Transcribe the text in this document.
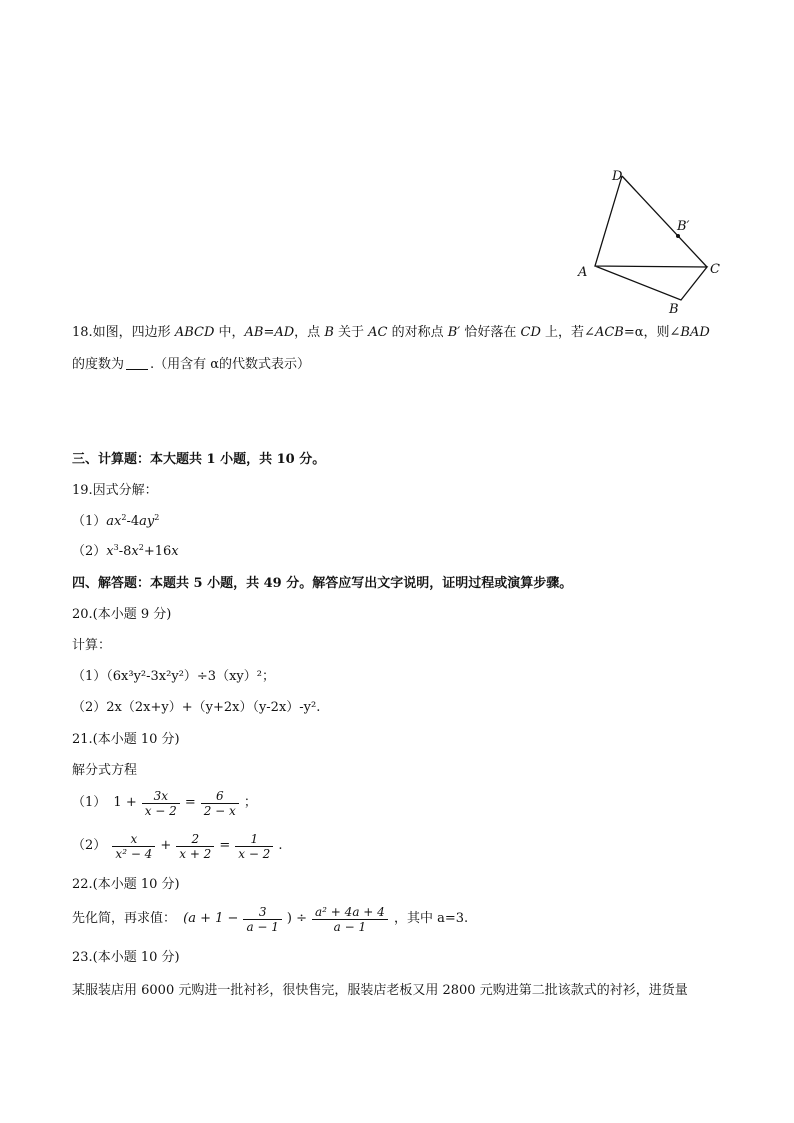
D
B′
A	C
B
18.如图，四边形 ABCD 中，AB=AD，点 B 关于 AC 的对称点 B′ 恰好落在 CD 上，若∠ACB=α，则∠BAD
的度数为 .（用含有 α的代数式表示）
三、计算题：本大题共 1 小题，共 10 分。
19.因式分解：
$(1)ax^2-4ay^2$
$(2)x^3-8x^2+16x$
四、解答题：本题共 5 小题，共 49 分。解答应写出文字说明，证明过程或演算步骤。
20.(本小题 9 分)
计算：
（1）（6x³y²-3x²y²）÷3（xy）²；
（2）2x（2x+y）+（y+2x）（y-2x）-y².
21.(本小题 10 分)
解分式方程
（1） $1 + \frac{3x}{x - 2} = \frac{6}{2 - x}$ ；
$(2) \frac{x}{\text{x² − 4}} + \frac{2}{x + 2} = \frac{1}{x - 2}$ .
22.(本小题 10 分)
先化简，再求值： ($a + 1 - \frac{3}{a - 1}$ ) ÷ $\frac{\text{a² + 4a + 4}}{a - 1}$ ，其中 a=3.
23.(本小题 10 分)
某服装店用 6000 元购进一批衬衫，很快售完，服装店老板又用 2800 元购进第二批该款式的衬衫，进货量
